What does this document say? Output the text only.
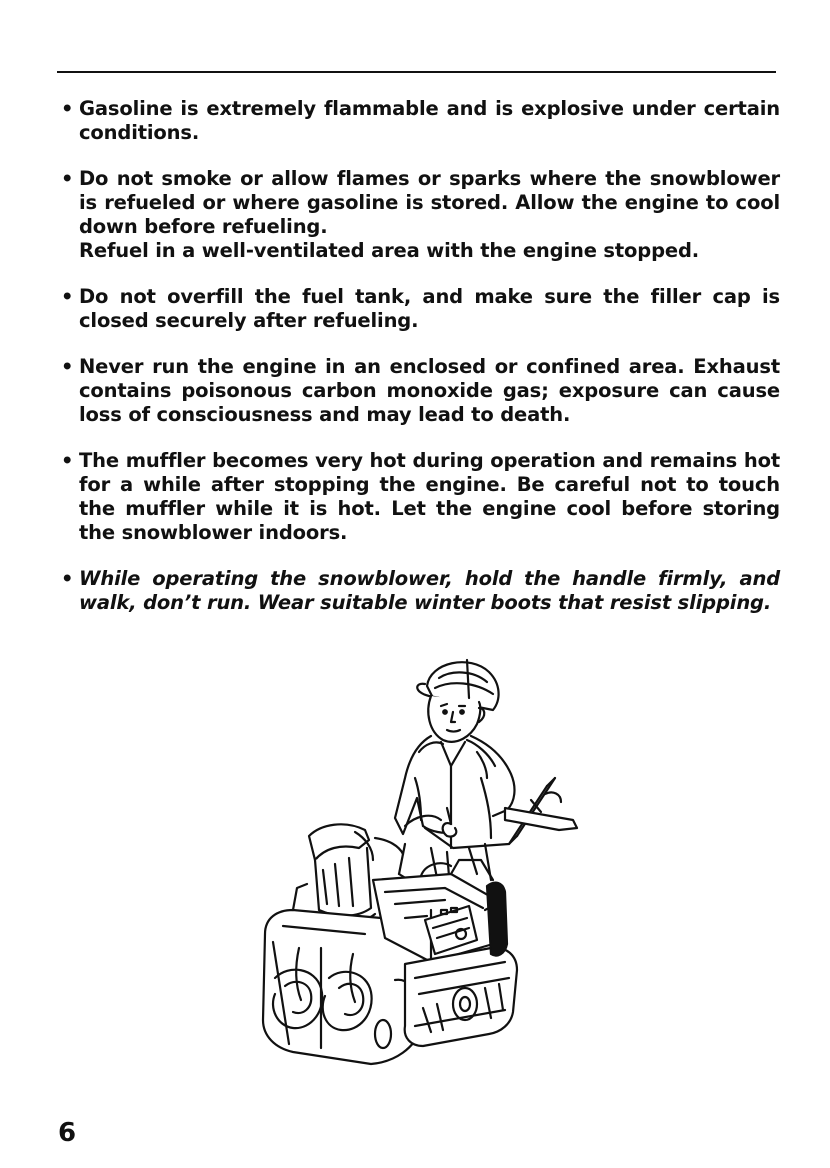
• Gasoline is extremely flammable and is explosive under certain conditions.
• Do not smoke or allow flames or sparks where the snowblower is refueled or where gasoline is stored. Allow the engine to cool down before refueling.
Refuel in a well-ventilated area with the engine stopped.
• Do not overfill the fuel tank, and make sure the filler cap is closed securely after refueling.
• Never run the engine in an enclosed or confined area. Exhaust contains poisonous carbon monoxide gas; exposure can cause loss of consciousness and may lead to death.
• The muffler becomes very hot during operation and remains hot for a while after stopping the engine. Be careful not to touch the muffler while it is hot. Let the engine cool before storing the snowblower indoors.
• While operating the snowblower, hold the handle firmly, and walk, don’t run. Wear suitable winter boots that resist slipping.
6
